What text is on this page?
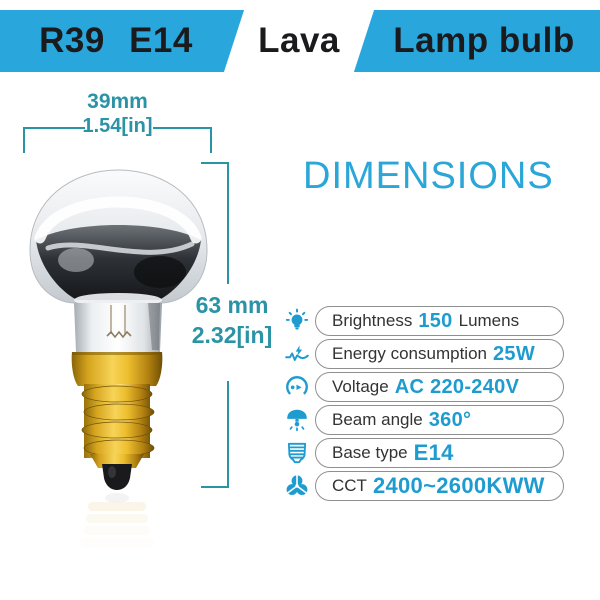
R39 E14	Lava	Lamp bulb
39mm
1.54[in]
63 mm
2.32[in]
DIMENSIONS
Brightness 150 Lumens
Energy consumption 25W
Voltage AC 220-240V
Beam angle 360°
Base type E14
CCT 2400~2600KWW
